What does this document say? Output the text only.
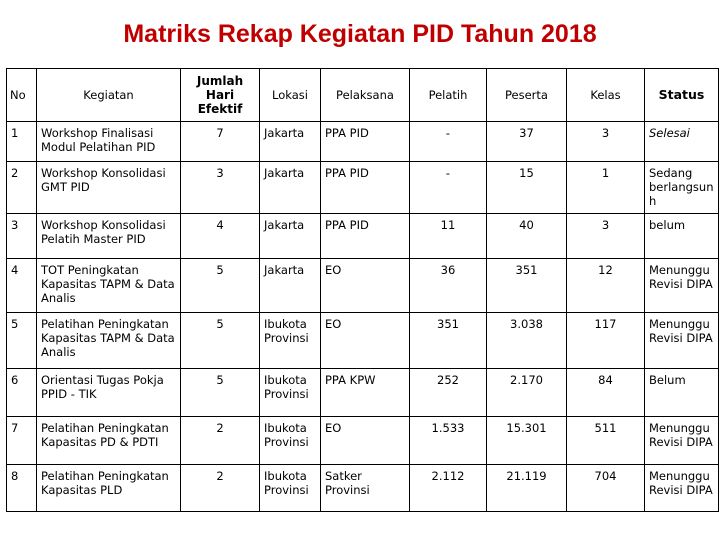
Matriks Rekap Kegiatan PID Tahun 2018
No	Kegiatan	Jumlah Hari Efektif	Lokasi	Pelaksana	Pelatih	Peserta	Kelas	Status
1	Workshop Finalisasi Modul Pelatihan PID	7	Jakarta	PPA PID	-	37	3	Selesai
2	Workshop Konsolidasi GMT PID	3	Jakarta	PPA PID	-	15	1	Sedang berlangsun h
3	Workshop Konsolidasi Pelatih Master PID	4	Jakarta	PPA PID	11	40	3	belum
4	TOT Peningkatan Kapasitas TAPM & Data Analis	5	Jakarta	EO	36	351	12	Menunggu Revisi DIPA
5	Pelatihan Peningkatan Kapasitas TAPM & Data Analis	5	Ibukota Provinsi	EO	351	3.038	117	Menunggu Revisi DIPA
6	Orientasi Tugas Pokja PPID - TIK	5	Ibukota Provinsi	PPA KPW	252	2.170	84	Belum
7	Pelatihan Peningkatan Kapasitas PD & PDTI	2	Ibukota Provinsi	EO	1.533	15.301	511	Menunggu Revisi DIPA
8	Pelatihan Peningkatan Kapasitas PLD	2	Ibukota Provinsi	Satker Provinsi	2.112	21.119	704	Menunggu Revisi DIPA
